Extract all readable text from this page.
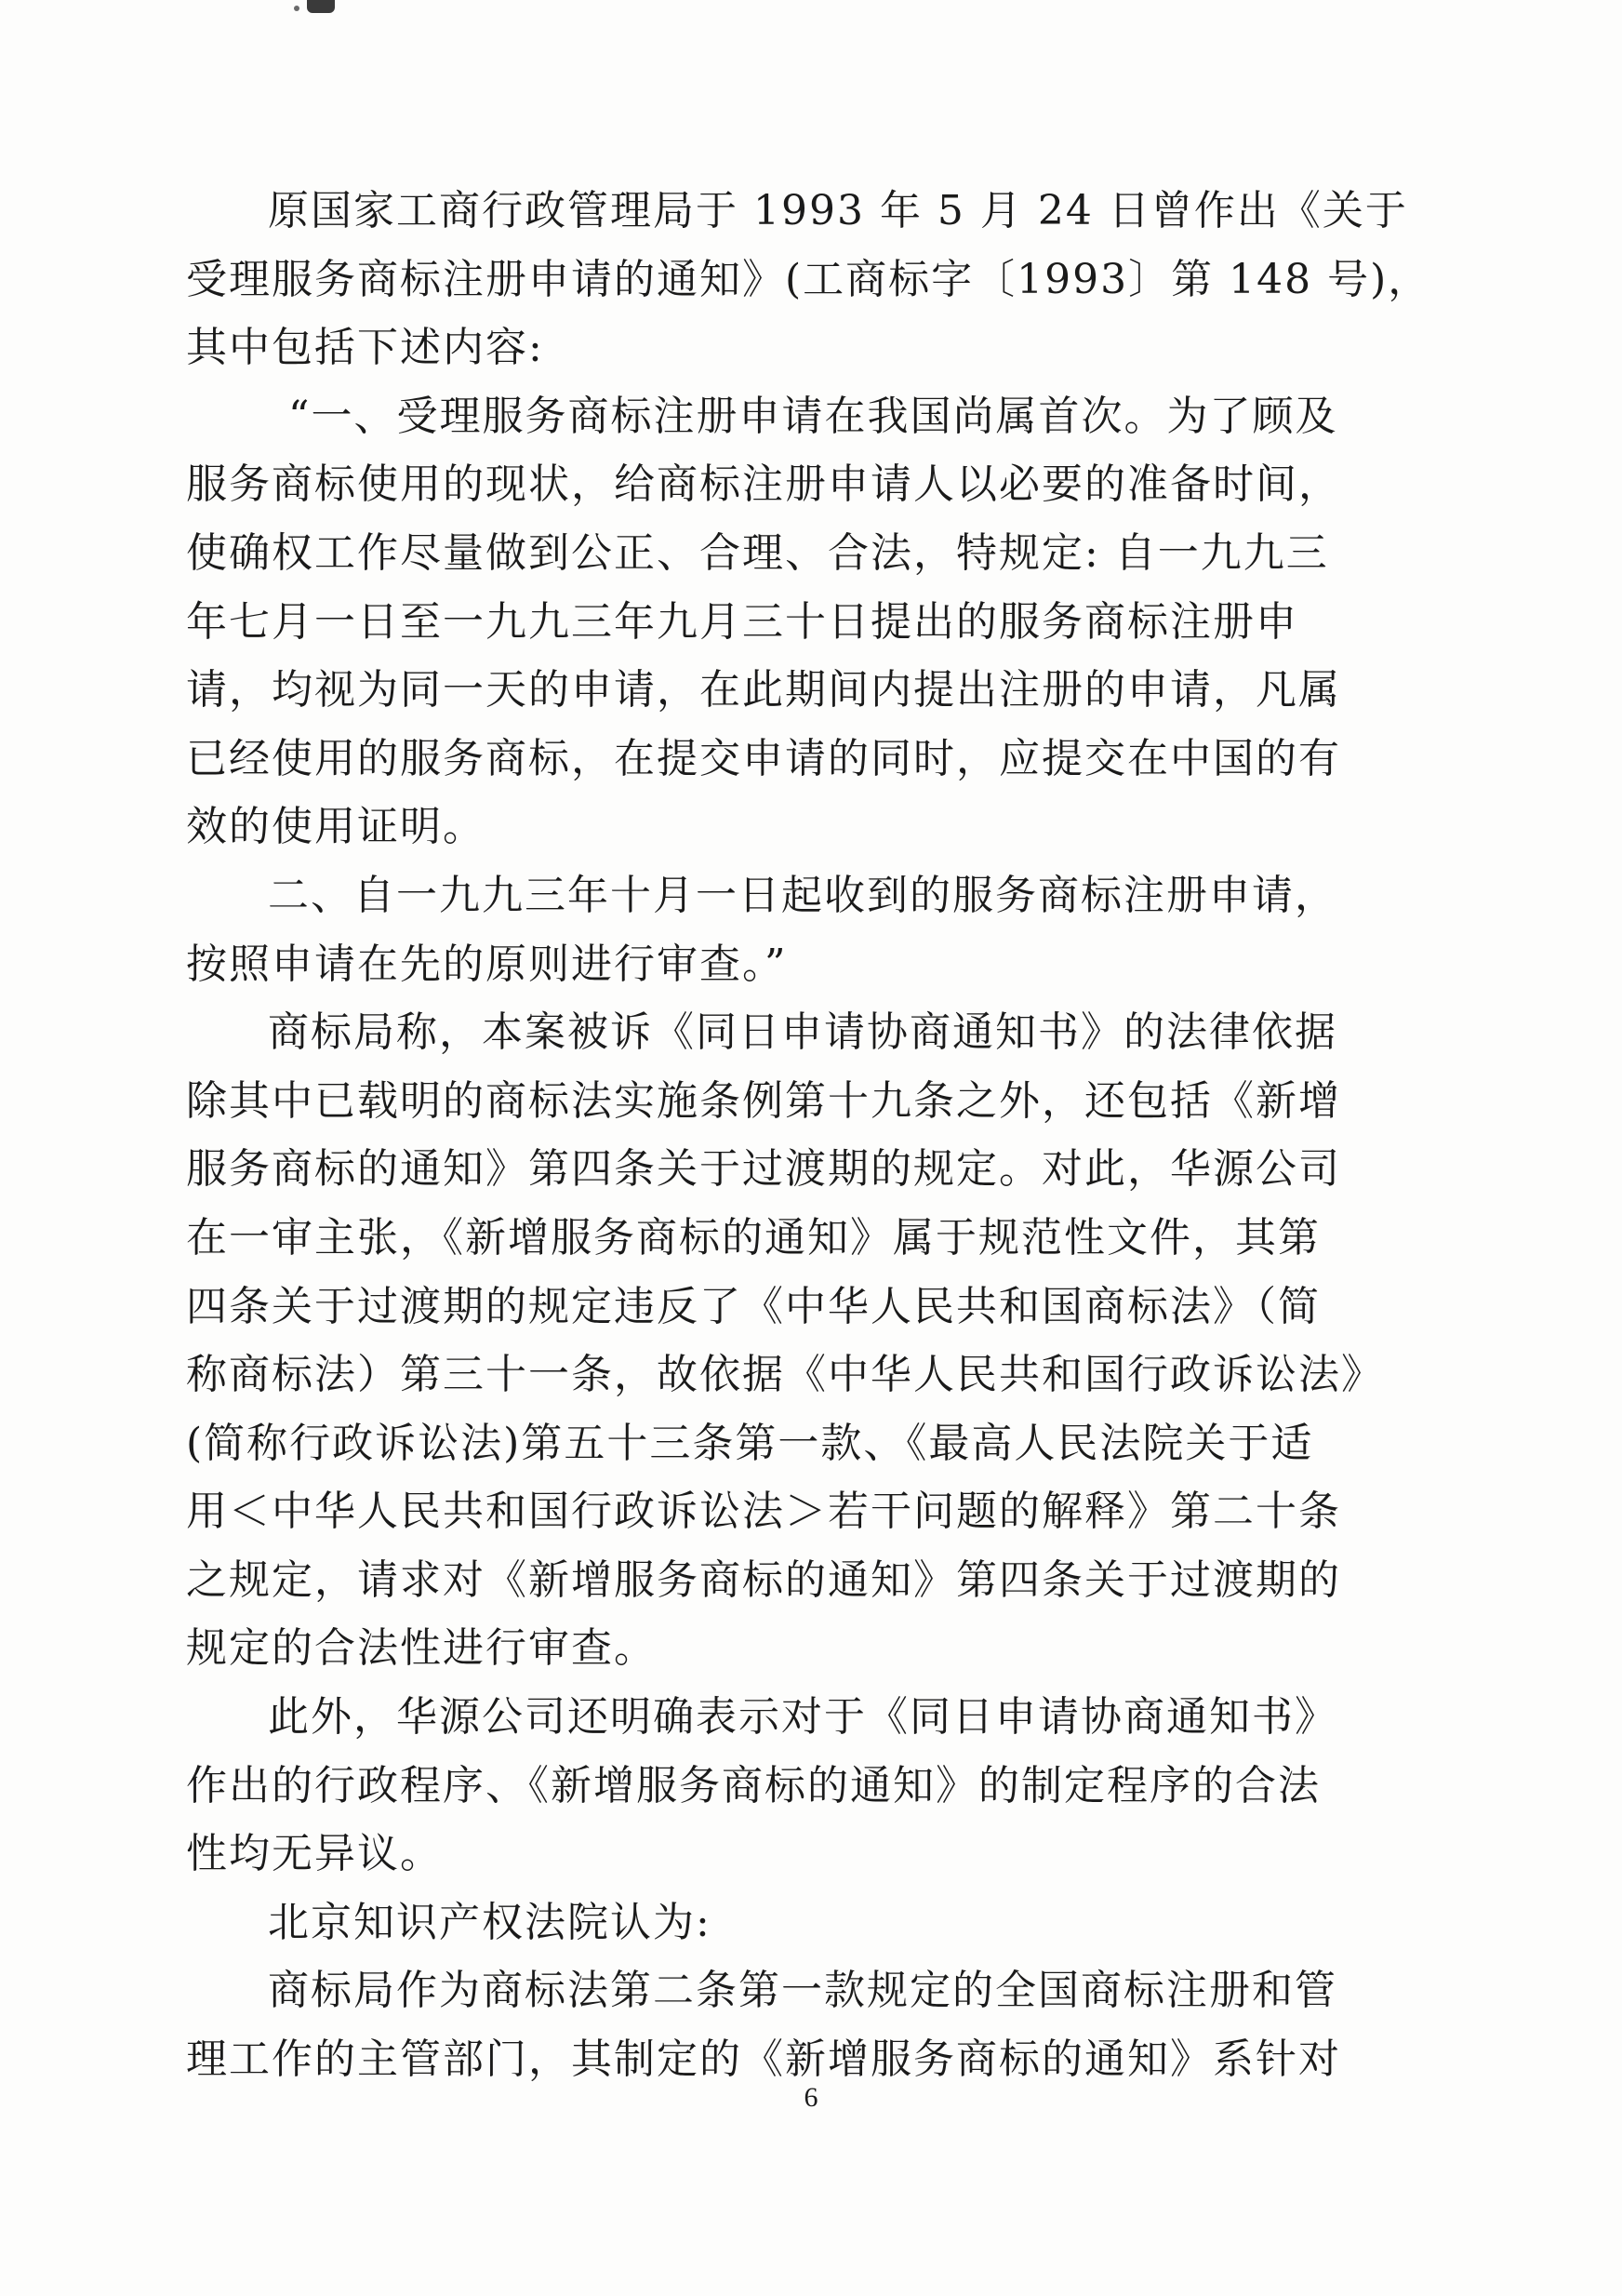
原国家工商行政管理局于 1993 年 5 月 24 日曾作出《关于
受理服务商标注册申请的通知》(工商标字〔1993〕第 148 号)，
其中包括下述内容:
“一、受理服务商标注册申请在我国尚属首次。为了顾及
服务商标使用的现状，给商标注册申请人以必要的准备时间，
使确权工作尽量做到公正、合理、合法，特规定: 自一九九三
年七月一日至一九九三年九月三十日提出的服务商标注册申
请，均视为同一天的申请，在此期间内提出注册的申请，凡属
已经使用的服务商标，在提交申请的同时，应提交在中国的有
效的使用证明。
二、自一九九三年十月一日起收到的服务商标注册申请，
按照申请在先的原则进行审查。”
商标局称，本案被诉《同日申请协商通知书》的法律依据
除其中已载明的商标法实施条例第十九条之外，还包括《新增
服务商标的通知》第四条关于过渡期的规定。对此，华源公司
在一审主张，《新增服务商标的通知》属于规范性文件，其第
四条关于过渡期的规定违反了《中华人民共和国商标法》（简
称商标法）第三十一条，故依据《中华人民共和国行政诉讼法》
(简称行政诉讼法)第五十三条第一款、《最高人民法院关于适
用＜中华人民共和国行政诉讼法＞若干问题的解释》第二十条
之规定，请求对《新增服务商标的通知》第四条关于过渡期的
规定的合法性进行审查。
此外，华源公司还明确表示对于《同日申请协商通知书》
作出的行政程序、《新增服务商标的通知》的制定程序的合法
性均无异议。
北京知识产权法院认为:
商标局作为商标法第二条第一款规定的全国商标注册和管
理工作的主管部门，其制定的《新增服务商标的通知》系针对
6
